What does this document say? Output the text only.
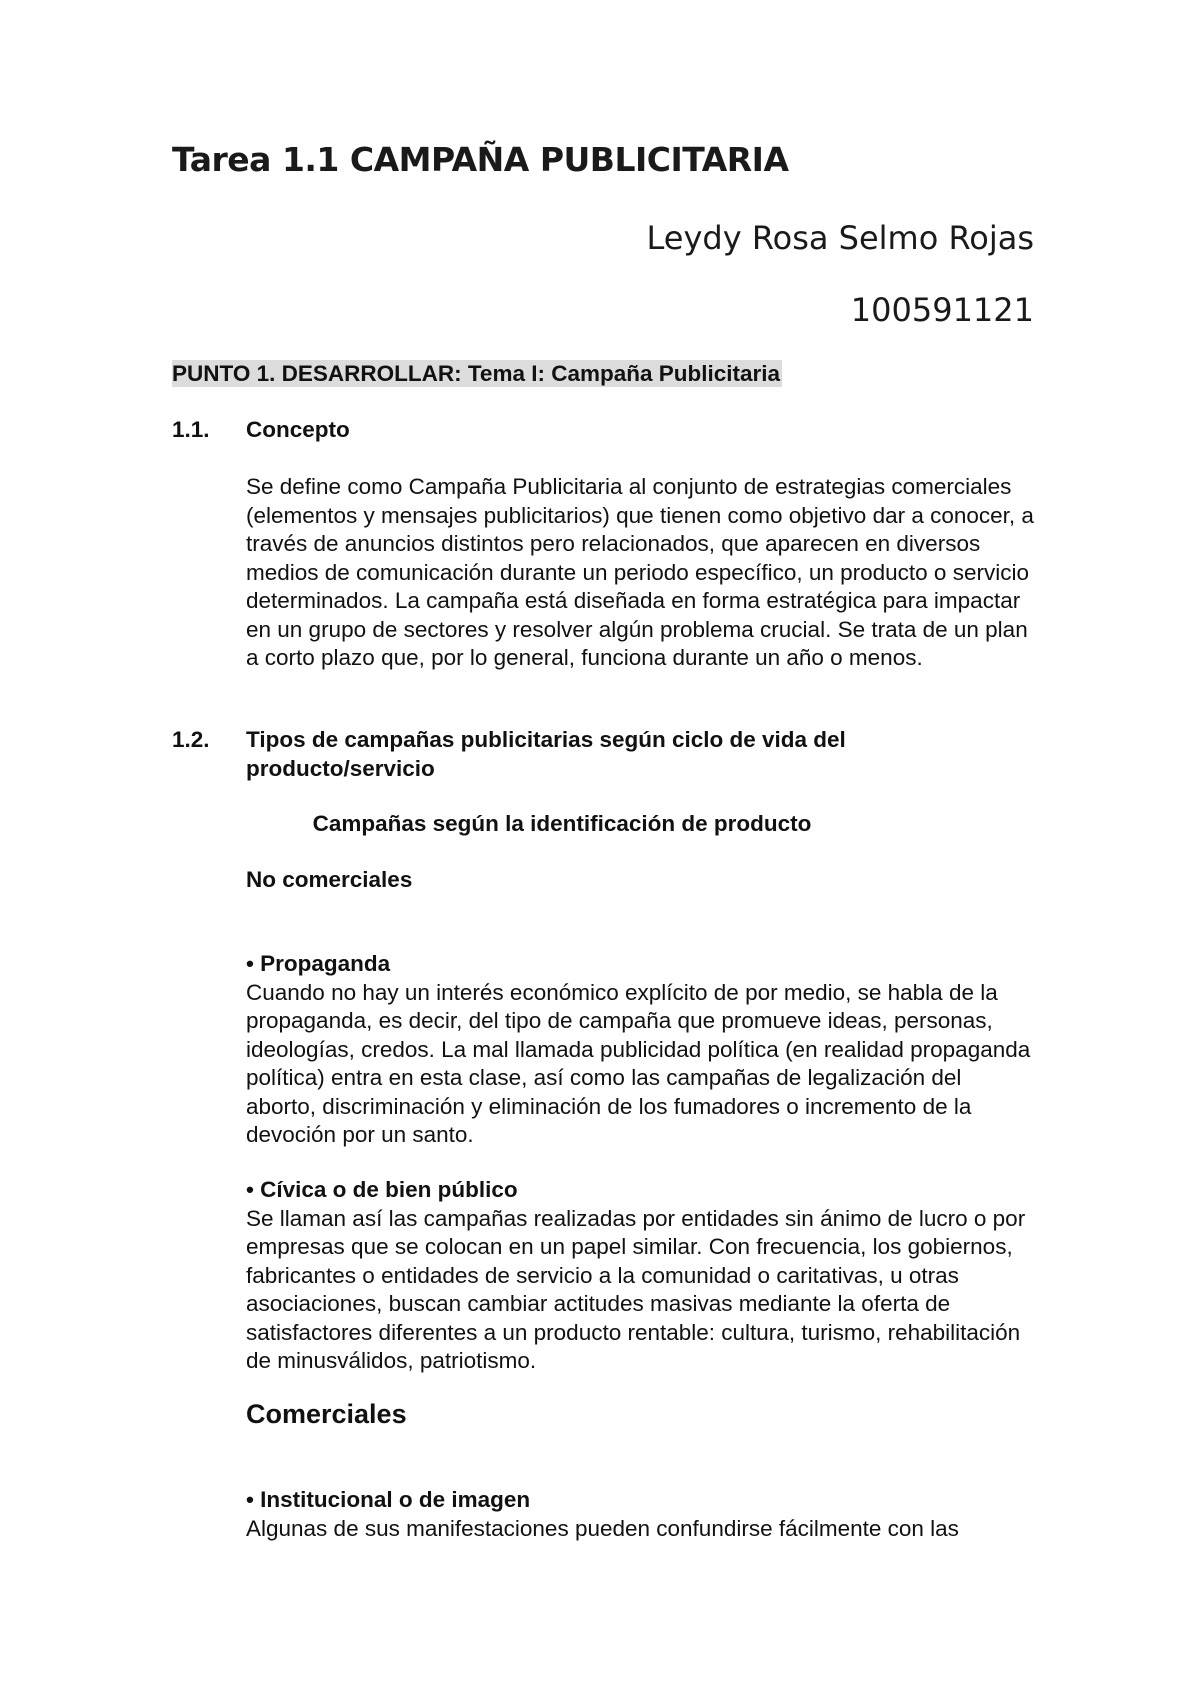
Tarea 1.1 CAMPAÑA PUBLICITARIA

Leydy Rosa Selmo Rojas

100591121

PUNTO 1. DESARROLLAR: Tema I: Campaña Publicitaria

1.1. Concepto

Se define como Campaña Publicitaria al conjunto de estrategias comerciales (elementos y mensajes publicitarios) que tienen como objetivo dar a conocer, a través de anuncios distintos pero relacionados, que aparecen en diversos medios de comunicación durante un periodo específico, un producto o servicio determinados. La campaña está diseñada en forma estratégica para impactar en un grupo de sectores y resolver algún problema crucial. Se trata de un plan a corto plazo que, por lo general, funciona durante un año o menos.

1.2. Tipos de campañas publicitarias según ciclo de vida del producto/servicio

Campañas según la identificación de producto

No comerciales

• Propaganda
Cuando no hay un interés económico explícito de por medio, se habla de la propaganda, es decir, del tipo de campaña que promueve ideas, personas, ideologías, credos. La mal llamada publicidad política (en realidad propaganda política) entra en esta clase, así como las campañas de legalización del aborto, discriminación y eliminación de los fumadores o incremento de la devoción por un santo.
• Cívica o de bien público
Se llaman así las campañas realizadas por entidades sin ánimo de lucro o por empresas que se colocan en un papel similar. Con frecuencia, los gobiernos, fabricantes o entidades de servicio a la comunidad o caritativas, u otras asociaciones, buscan cambiar actitudes masivas mediante la oferta de satisfactores diferentes a un producto rentable: cultura, turismo, rehabilitación de minusválidos, patriotismo.

Comerciales

• Institucional o de imagen
Algunas de sus manifestaciones pueden confundirse fácilmente con las
